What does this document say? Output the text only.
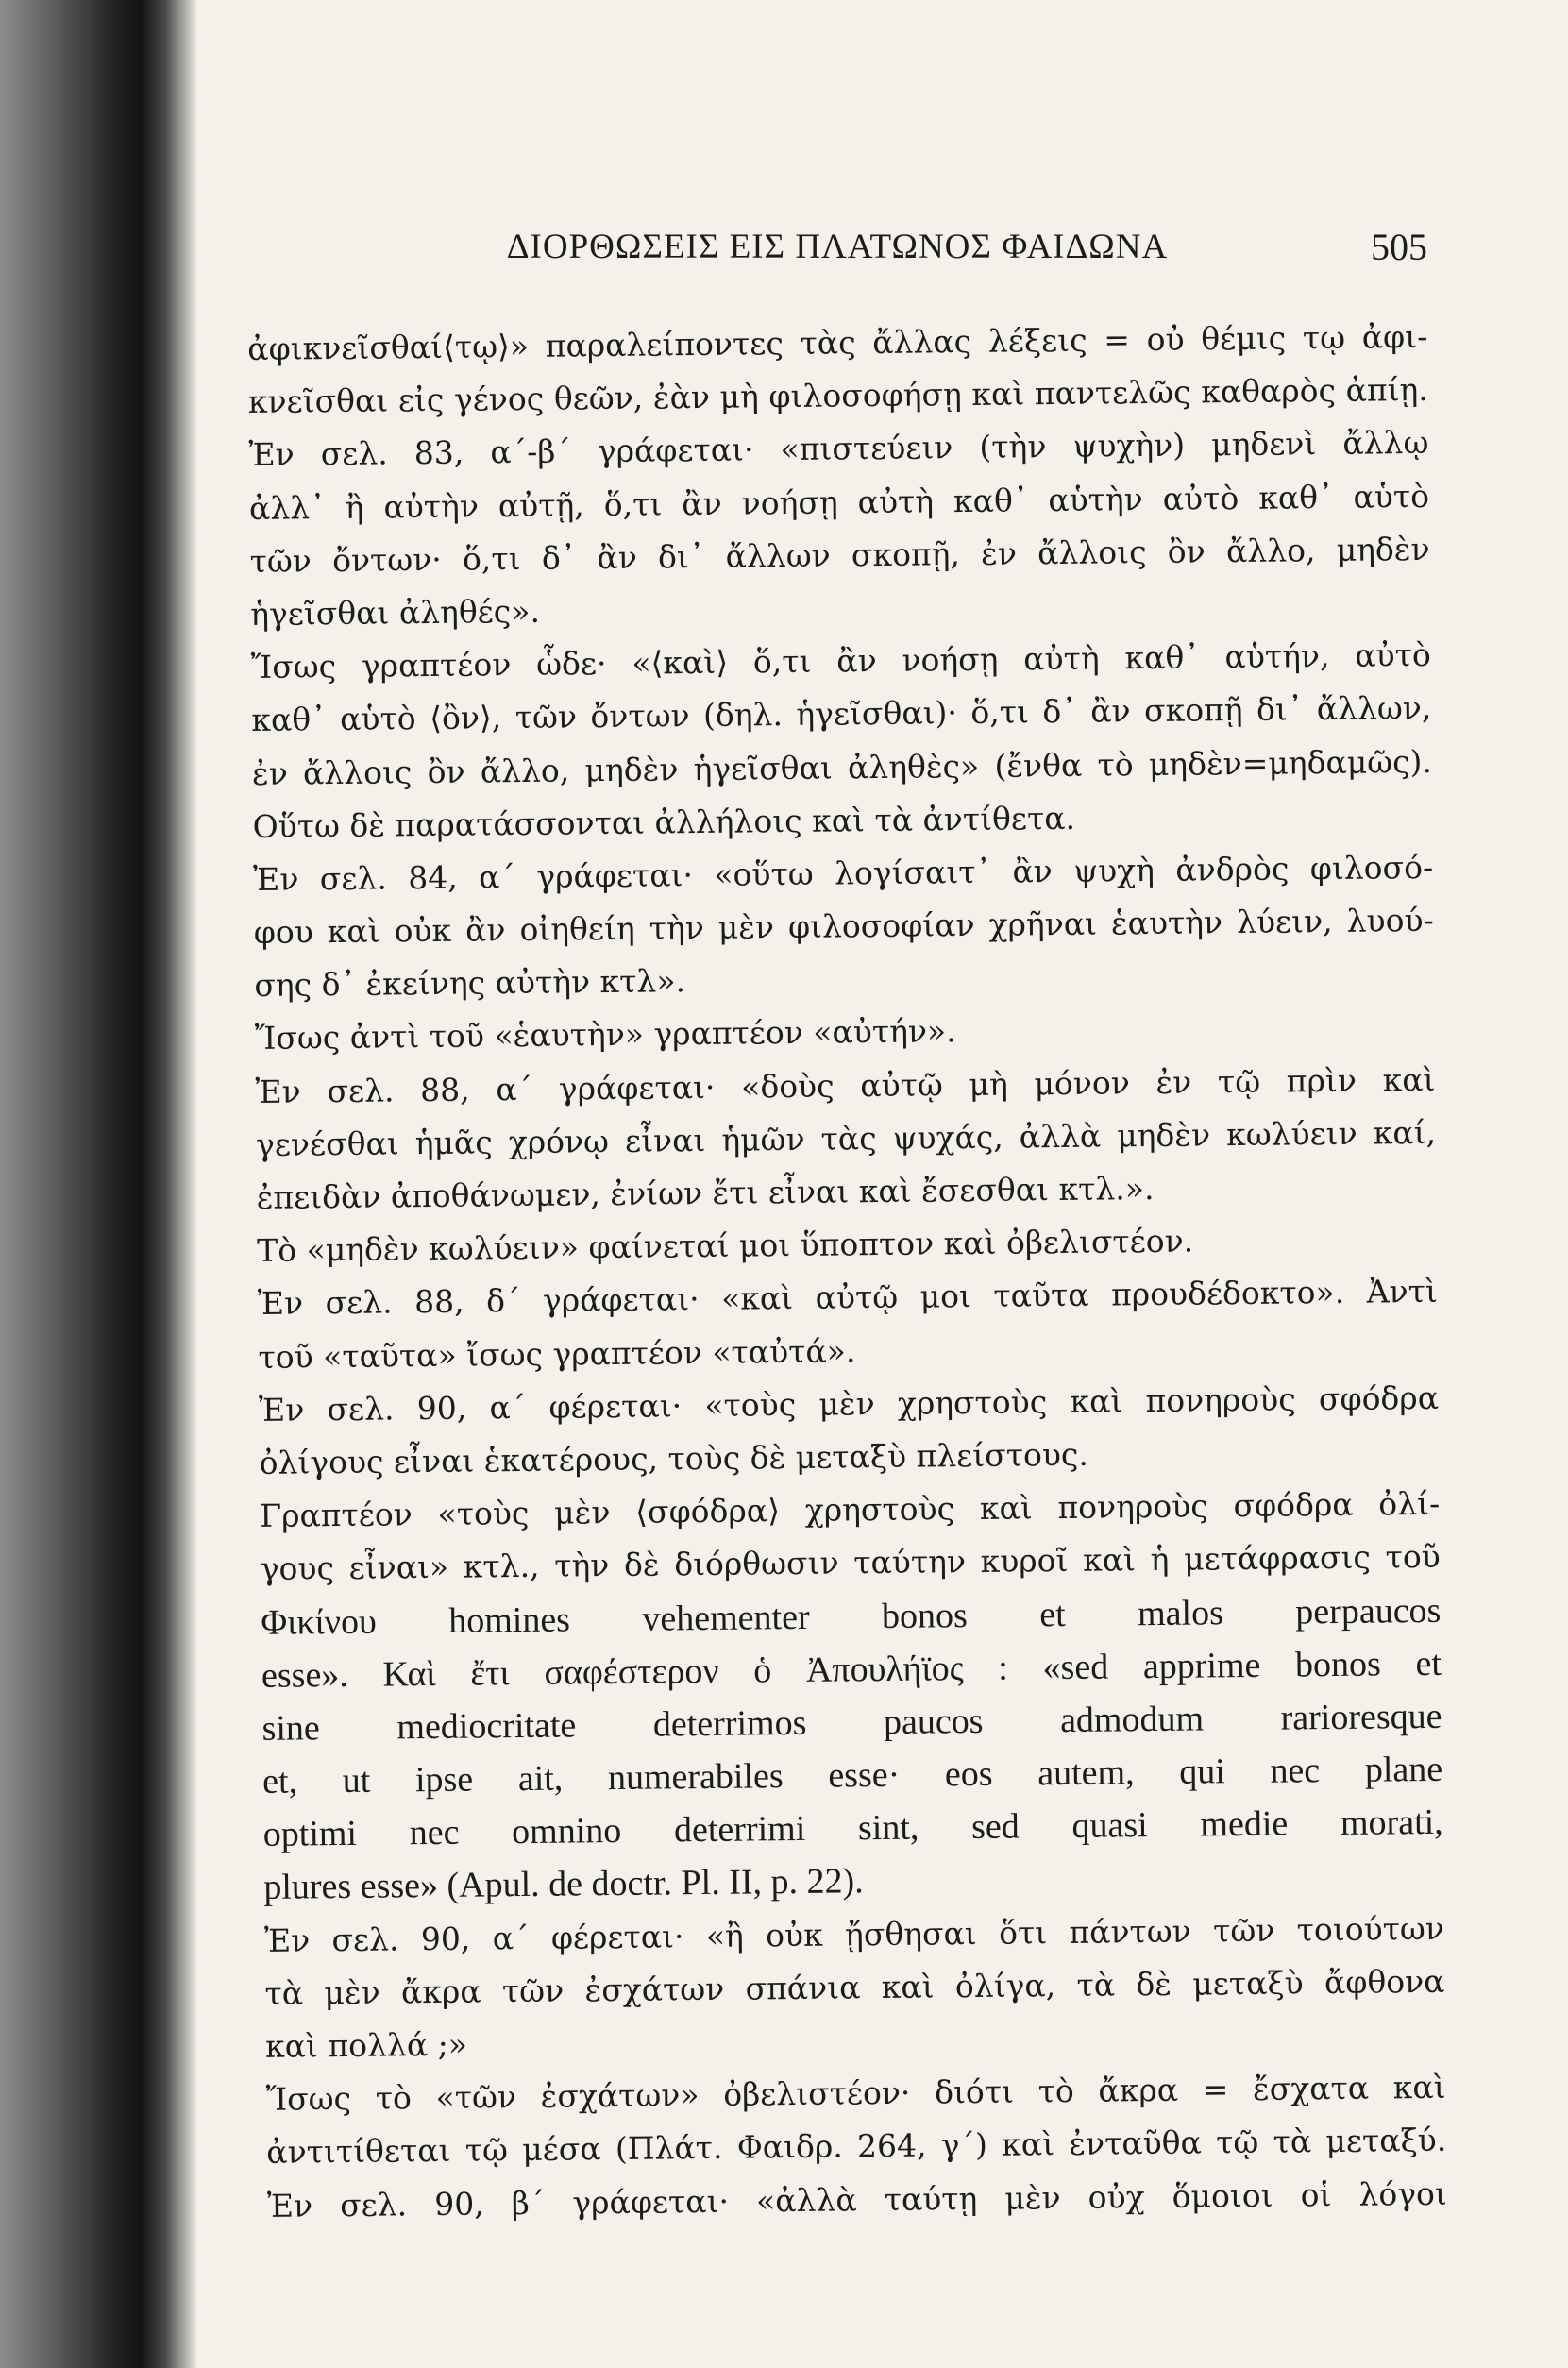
ΔΙΟΡΘΩΣΕΙΣ ΕΙΣ ΠΛΑΤΩΝΟΣ ΦΑΙΔΩΝΑ	505
ἀφικνεῖσθαί⟨τῳ⟩» παραλείποντες τὰς ἄλλας λέξεις = οὐ θέμις τῳ ἀφι-
κνεῖσθαι εἰς γένος θεῶν, ἐὰν μὴ φιλοσοφήσῃ καὶ παντελῶς καθαρὸς ἀπίῃ.
Ἐν σελ. 83, α΄-β΄ γράφεται· «πιστεύειν (τὴν ψυχὴν) μηδενὶ ἄλλῳ
ἀλλ᾿ ἢ αὐτὴν αὐτῇ, ὅ,τι ἂν νοήσῃ αὐτὴ καθ᾿ αὑτὴν αὐτὸ καθ᾿ αὑτὸ
τῶν ὄντων· ὅ,τι δ᾿ ἂν δι᾿ ἄλλων σκοπῇ, ἐν ἄλλοις ὂν ἄλλο, μηδὲν
ἡγεῖσθαι ἀληθές».
Ἴσως γραπτέον ὧδε· «⟨καὶ⟩ ὅ,τι ἂν νοήσῃ αὐτὴ καθ᾿ αὑτήν, αὐτὸ
καθ᾿ αὑτὸ ⟨ὂν⟩, τῶν ὄντων (δηλ. ἡγεῖσθαι)· ὅ,τι δ᾿ ἂν σκοπῇ δι᾿ ἄλλων,
ἐν ἄλλοις ὂν ἄλλο, μηδὲν ἡγεῖσθαι ἀληθὲς» (ἔνθα τὸ μηδὲν=μηδαμῶς).
Οὕτω δὲ παρατάσσονται ἀλλήλοις καὶ τὰ ἀντίθετα.
Ἐν σελ. 84, α΄ γράφεται· «οὕτω λογίσαιτ᾿ ἂν ψυχὴ ἀνδρὸς φιλοσό-
φου καὶ οὐκ ἂν οἰηθείη τὴν μὲν φιλοσοφίαν χρῆναι ἑαυτὴν λύειν, λυού-
σης δ᾿ ἐκείνης αὐτὴν κτλ».
Ἴσως ἀντὶ τοῦ «ἑαυτὴν» γραπτέον «αὐτήν».
Ἐν σελ. 88, α΄ γράφεται· «δοὺς αὐτῷ μὴ μόνον ἐν τῷ πρὶν καὶ
γενέσθαι ἡμᾶς χρόνῳ εἶναι ἡμῶν τὰς ψυχάς, ἀλλὰ μηδὲν κωλύειν καί,
ἐπειδὰν ἀποθάνωμεν, ἐνίων ἔτι εἶναι καὶ ἔσεσθαι κτλ.».
Τὸ «μηδὲν κωλύειν» φαίνεταί μοι ὕποπτον καὶ ὀβελιστέον.
Ἐν σελ. 88, δ΄ γράφεται· «καὶ αὐτῷ μοι ταῦτα προυδέδοκτο». Ἀντὶ
τοῦ «ταῦτα» ἴσως γραπτέον «ταὐτά».
Ἐν σελ. 90, α΄ φέρεται· «τοὺς μὲν χρηστοὺς καὶ πονηροὺς σφόδρα
ὀλίγους εἶναι ἑκατέρους, τοὺς δὲ μεταξὺ πλείστους.
Γραπτέον «τοὺς μὲν ⟨σφόδρα⟩ χρηστοὺς καὶ πονηροὺς σφόδρα ὀλί-
γους εἶναι» κτλ., τὴν δὲ διόρθωσιν ταύτην κυροῖ καὶ ἡ μετάφρασις τοῦ
Φικίνου homines vehementer bonos et malos perpaucos
esse». Καὶ ἔτι σαφέστερον ὁ Ἀπουλήϊος : «sed apprime bonos et
sine mediocritate deterrimos paucos admodum rarioresque
et, ut ipse ait, numerabiles esse· eos autem, qui nec plane
optimi nec omnino deterrimi sint, sed quasi medie morati,
plures esse» (Apul. de doctr. Pl. II, p. 22).
Ἐν σελ. 90, α΄ φέρεται· «ἢ οὐκ ᾔσθησαι ὅτι πάντων τῶν τοιούτων
τὰ μὲν ἄκρα τῶν ἐσχάτων σπάνια καὶ ὀλίγα, τὰ δὲ μεταξὺ ἄφθονα
καὶ πολλά ;»
Ἴσως τὸ «τῶν ἐσχάτων» ὀβελιστέον· διότι τὸ ἄκρα = ἔσχατα καὶ
ἀντιτίθεται τῷ μέσα (Πλάτ. Φαιδρ. 264, γ΄) καὶ ἐνταῦθα τῷ τὰ μεταξύ.
Ἐν σελ. 90, β΄ γράφεται· «ἀλλὰ ταύτῃ μὲν οὐχ ὅμοιοι οἱ λόγοι
